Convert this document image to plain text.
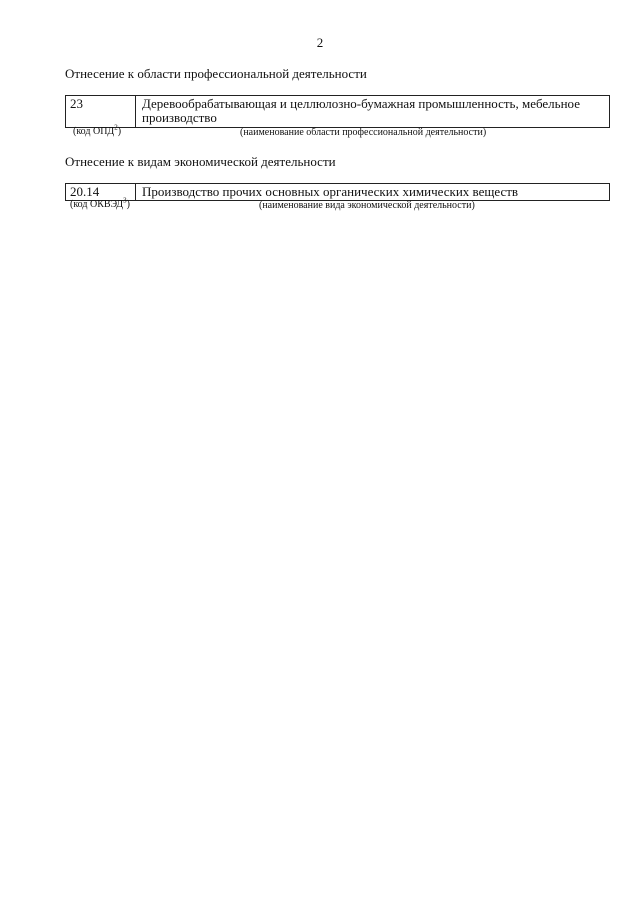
2
Отнесение к области профессиональной деятельности
23	Деревообрабатывающая и целлюлозно-бумажная промышленность, мебельное производство
(код ОПД$^2$)	(наименование области профессиональной деятельности)
Отнесение к видам экономической деятельности
20.14	Производство прочих основных органических химических веществ
(код ОКВЭД$^3$)	(наименование вида экономической деятельности)
